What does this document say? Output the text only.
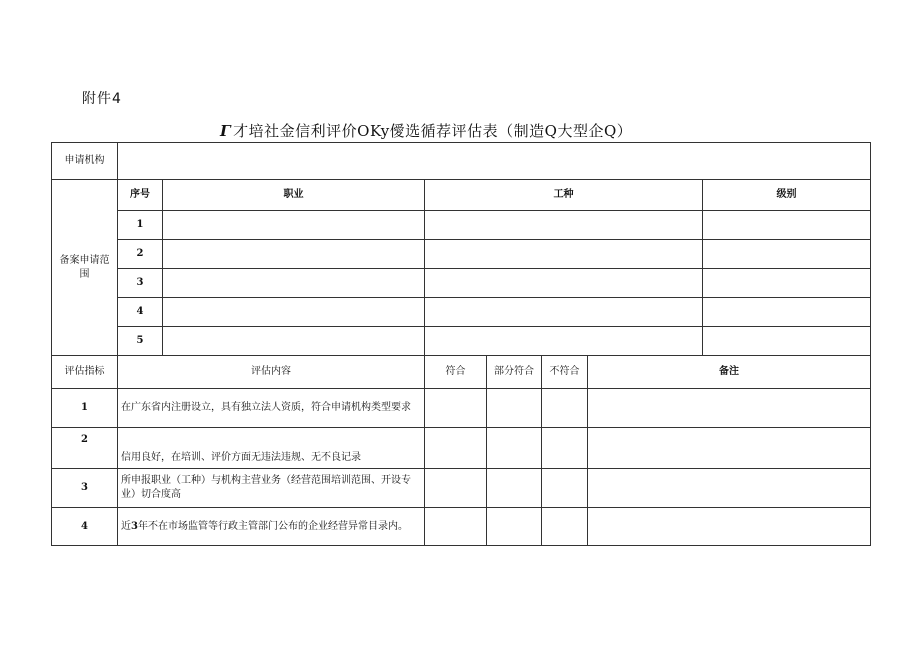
附件4
Γ 才培社金信利评价OKy僾选循荐评估表（制造Q大型企Q）
申请机构							
备案申请范围	序号	职业	工种				级别
	1						
	2						
	3						
	4						
	5						
评估指标	评估内容		符合	部分符合	不符合	备注	
1	在广东省内注册设立，具有独立法人资质，符合申请机构类型要求						
2	信用良好，在培训、评价方面无违法违规、无不良记录						
3	所申报职业（工种）与机构主营业务（经营范围培训范围、开设专业）切合度高						
4	近3年不在市场监管等行政主管部门公布的企业经营异常目录内。						
